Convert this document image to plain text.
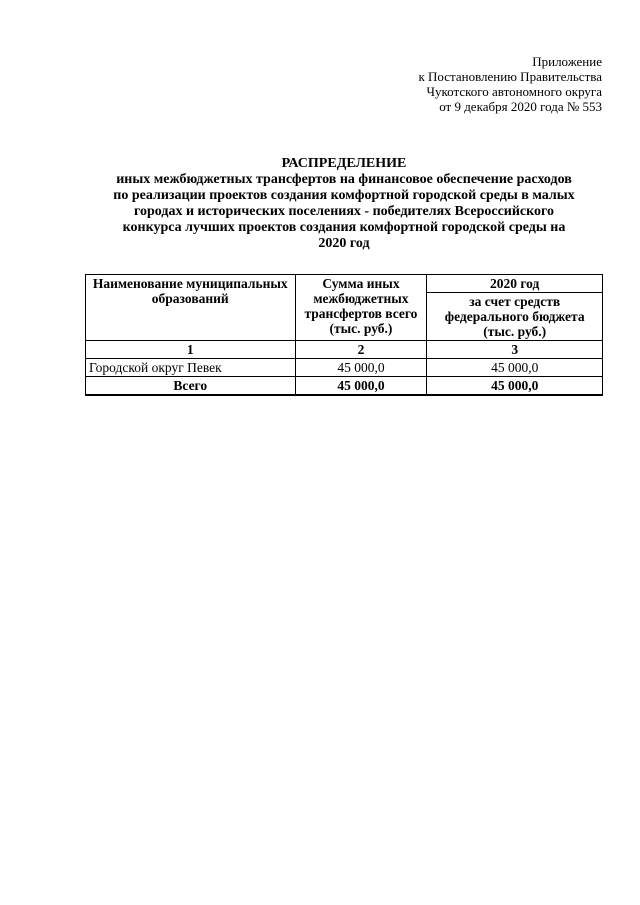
Приложение
к Постановлению Правительства
Чукотского автономного округа
от 9 декабря 2020 года № 553
РАСПРЕДЕЛЕНИЕ
иных межбюджетных трансфертов на финансовое обеспечение расходов
по реализации проектов создания комфортной городской среды в малых
городах и исторических поселениях - победителях Всероссийского
конкурса лучших проектов создания комфортной городской среды на
2020 год
Наименование муниципальных образований	Сумма иных межбюджетных трансфертов всего (тыс. руб.)	2020 год
		за счет средств федерального бюджета (тыс. руб.)
1	2	3
Городской округ Певек	45 000,0	45 000,0
Всего	45 000,0	45 000,0
